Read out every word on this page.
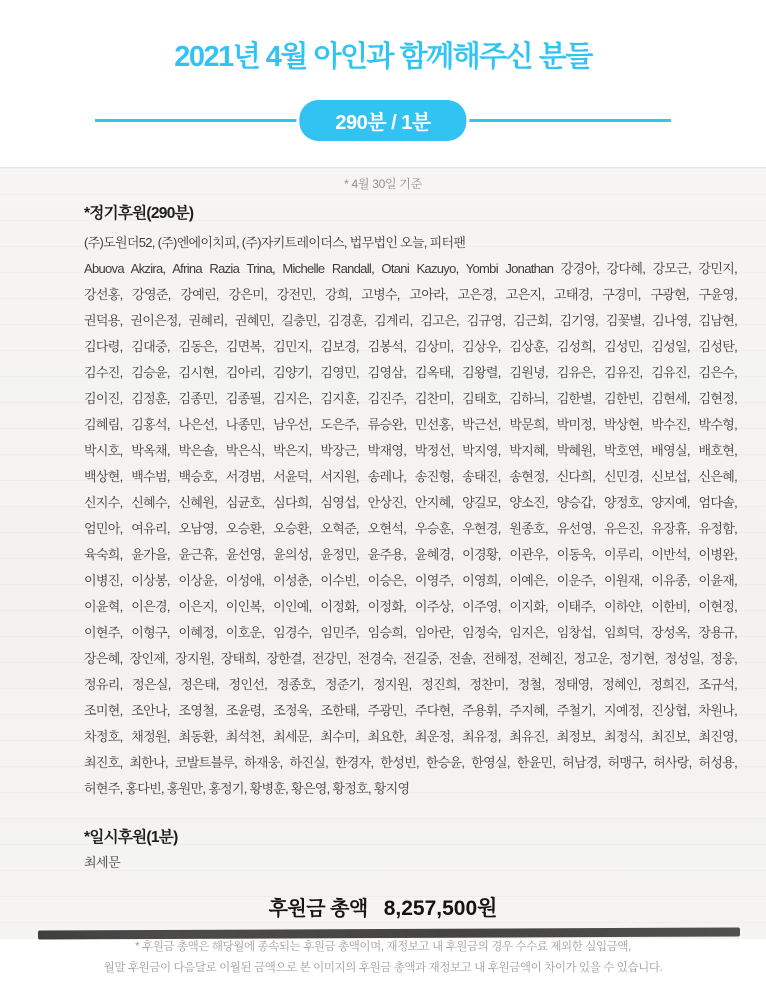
2021년 4월 아인과 함께해주신 분들
290분 / 1분
* 4월 30일 기준
*정기후원(290분)
(주)도원더52, (주)엔에이치피, (주)자키트레이더스, 법무법인 오늘, 피터팬
Abuova Akzira, Afrina Razia Trina, Michelle Randall, Otani Kazuyo, Yombi Jonathan 강경아, 강다혜, 강모근, 강민지,
강선홍, 강영준, 강예린, 강은미, 강전민, 강희, 고병수, 고아라, 고은경, 고은지, 고태경, 구경미, 구광현, 구윤영,
권덕용, 권이은정, 권혜리, 권혜민, 길충민, 김경훈, 김계리, 김고은, 김규영, 김근회, 김기영, 김꽃별, 김나영, 김남현,
김다령, 김대중, 김동은, 김면복, 김민지, 김보경, 김봉석, 김상미, 김상우, 김상훈, 김성희, 김성민, 김성일, 김성탄,
김수진, 김승윤, 김시현, 김아리, 김양기, 김영민, 김영삼, 김옥태, 김왕렬, 김원녕, 김유은, 김유진, 김유진, 김은수,
김이진, 김정훈, 김종민, 김종필, 김지은, 김지훈, 김진주, 김찬미, 김태호, 김하늬, 김한별, 김한빈, 김현세, 김현정,
김혜림, 김홍석, 나은선, 나종민, 남우선, 도은주, 류승완, 민선홍, 박근선, 박문희, 박미정, 박상현, 박수진, 박수형,
박시호, 박옥채, 박은솔, 박은식, 박은지, 박장근, 박재영, 박정선, 박지영, 박지혜, 박혜원, 박호연, 배영실, 배호현,
백상현, 백수범, 백승호, 서경범, 서윤덕, 서지원, 송레나, 송진형, 송태진, 송현정, 신다희, 신민경, 신보섭, 신은혜,
신지수, 신혜수, 신혜원, 심균호, 심다희, 심영섭, 안상진, 안지혜, 양길모, 양소진, 양승갑, 양정호, 양지예, 엄다솔,
엄민아, 여유리, 오남영, 오승환, 오승환, 오혁준, 오현석, 우승훈, 우현경, 원종호, 유선영, 유은진, 유장휴, 유정함,
육숙희, 윤가을, 윤근휴, 윤선영, 윤의성, 윤정민, 윤주용, 윤혜경, 이경황, 이관우, 이동욱, 이루리, 이반석, 이병완,
이병진, 이상봉, 이상윤, 이성애, 이성춘, 이수빈, 이승은, 이영주, 이영희, 이예은, 이운주, 이원재, 이유종, 이윤재,
이윤혁, 이은경, 이은지, 이인복, 이인예, 이정화, 이정화, 이주상, 이주영, 이지화, 이태주, 이하얀, 이한비, 이현정,
이현주, 이형구, 이혜정, 이호운, 임경수, 임민주, 임승희, 임아란, 임정숙, 임지은, 임창섭, 임희덕, 장성옥, 장용규,
장은혜, 장인제, 장지원, 장태희, 장한결, 전강민, 전경숙, 전길중, 전솔, 전해정, 전혜진, 정고운, 정기현, 정성일, 정웅,
정유리, 정은실, 정은태, 정인선, 정종호, 정준기, 정지원, 정진희, 정찬미, 정철, 정태영, 정혜인, 정희진, 조규석,
조미현, 조안나, 조영철, 조윤령, 조정욱, 조한태, 주광민, 주다현, 주용휘, 주지혜, 주철기, 지예정, 진상협, 차원나,
차정호, 채정원, 최동환, 최석천, 최세문, 최수미, 최요한, 최운정, 최유정, 최유진, 최정보, 최정식, 최진보, 최진영,
최진호, 최한나, 코발트블루, 하재웅, 하진실, 한경자, 한성빈, 한승윤, 한영실, 한윤민, 허남경, 허맹구, 허사랑, 허성용,
허현주, 홍다빈, 홍원만, 홍정기, 황병훈, 황은영, 황정호, 황지영
*일시후원(1분)
최세문
후원금 총액 8,257,500원
* 후원금 총액은 해당월에 종속되는 후원금 총액이며, 재정보고 내 후원금의 경우 수수료 제외한 실입금액,
월말 후원금이 다음달로 이월된 금액으로 본 이미지의 후원금 총액과 재정보고 내 후원금액이 차이가 있을 수 있습니다.
